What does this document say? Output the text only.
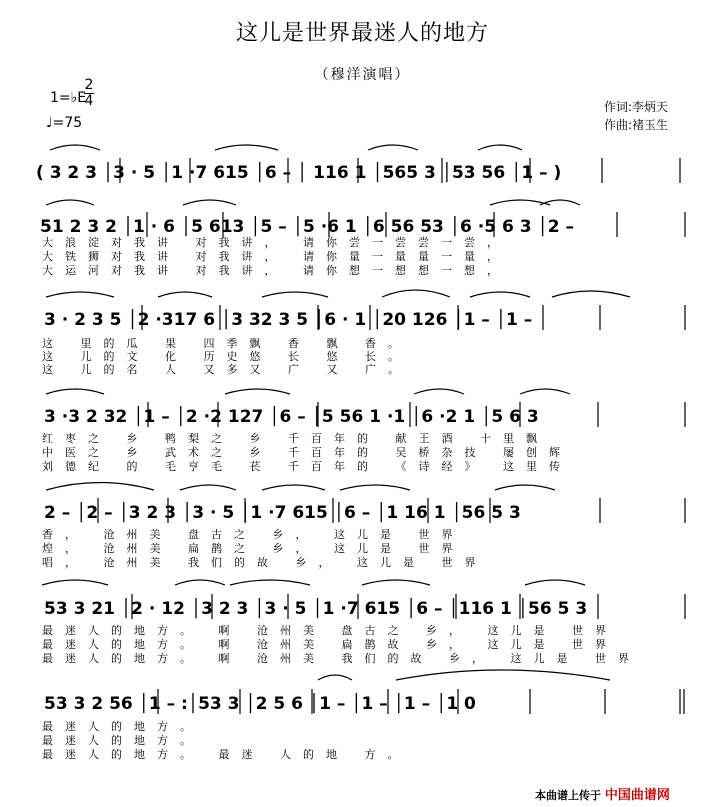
这儿是世界最迷人的地方
（穆洋演唱）
1=♭E
2
4
♩=75
作词:李炳天
作曲:褚玉生
( 3 2 3 │3 · 5 │1 ·7 615 │6 – │ 116 1 │565 3 │53 56 │1 – )
51 2 3 2 │1 · 6 │5 613 │5 – │5 ·6 1 │6 56 53 │6 ·5 6 3 │2 –
3 · 2 3 5 │2 ·317 6 │3 32 3 5 │6 · 1 │20 126 │1 – │1 –
3 ·3 2 32 │1 – │2 ·2 127 │6 – │5 56 1 ·1 │6 ·2 1 │5 6 3
2 – │2 – │3 2 3 │3 · 5 │1 ·7 615 │6 – │1 16 1 │56 5 3
53 3 21 │2 · 12 │3 2 3 │3 · 5 │1 ·7 615 │6 – │116 1 │56 5 3
53 3 2 56 │1 – :│53 3 │2 5 6 │1 – │1 – │1 – │1 0
大浪淀对我讲 对我讲， 请你尝一尝尝一尝，
大铁狮对我讲 对我讲， 请你量一量量一量，
大运河对我讲 对我讲， 请你想一想想一想，
这 里的瓜 果 四季飘 香 飘 香。
这 儿的文 化 历史悠 长 悠 长。
这 儿的名 人 又多又 广 又 广。
红枣之 乡 鸭梨之 乡 千百年的 献王酒 十里飘
中医之 乡 武术之 乡 千百年的 吴桥杂技 屡创辉
刘德纪 的 毛亨毛 苌 千百年的 《诗经》 这里传
香， 沧州美 盘古之 乡， 这儿是 世界
煌， 沧州美 扁鹊之 乡， 这儿是 世界
唱， 沧州美 我们的故 乡， 这儿是 世界
最迷人的地方。 啊 沧州美 盘古之 乡， 这儿是 世界
最迷人的地方。 啊 沧州美 扁鹊故 乡， 这儿是 世界
最迷人的地方。 啊 沧州美 我们的故 乡， 这儿是 世界
最迷人的地方。
最迷人的地方。
最迷人的地方。 最迷 人的地 方。
本曲谱上传于 中国曲谱网
